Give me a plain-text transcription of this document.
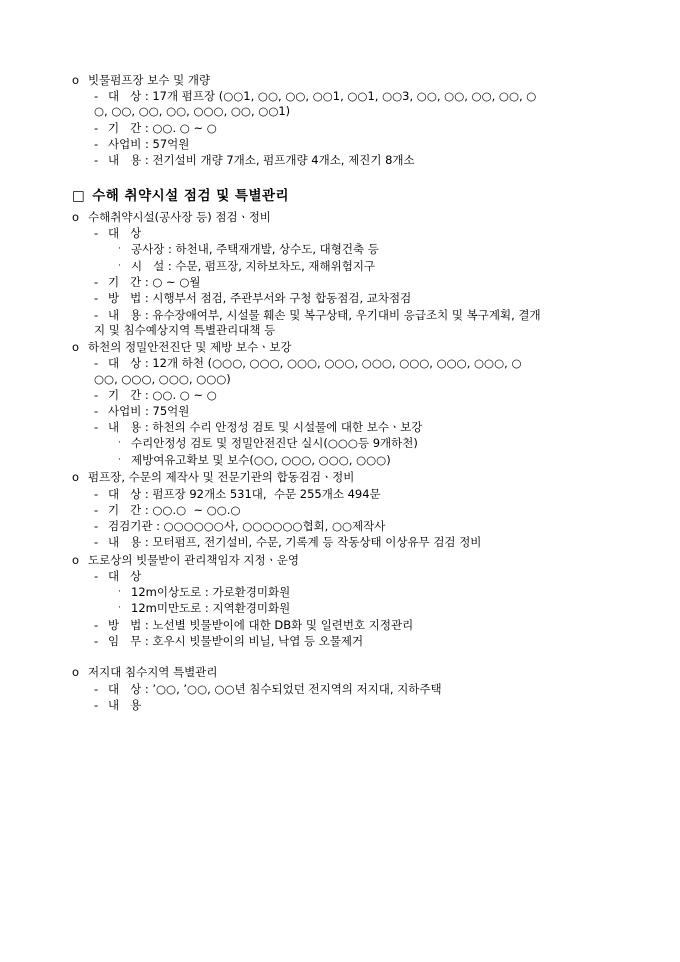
o 빗물펌프장 보수 및 개량
- 대   상 : 17개 펌프장 (○○1, ○○, ○○, ○○1, ○○1, ○○3, ○○, ○○, ○○, ○○, ○
○, ○○, ○○, ○○, ○○○, ○○, ○○1)
- 기   간 : ○○. ○ ~ ○
- 사업비 : 57억원
- 내   용 : 전기설비 개량 7개소, 펌프개량 4개소, 제진기 8개소
□ 수해 취약시설 점검 및 특별관리
o 수해취약시설(공사장 등) 점검ㆍ정비
- 대   상
· 공사장 : 하천내, 주택재개발, 상수도, 대형건축 등
· 시   설 : 수문, 펌프장, 지하보차도, 재해위험지구
- 기   간 : ○ ~ ○월
- 방   법 : 시행부서 점검, 주관부서와 구청 합동점검, 교차점검
- 내   용 : 유수장애여부, 시설물 훼손 및 복구상태, 우기대비 응급조치 및 복구계획, 결개
지 및 침수예상지역 특별관리대책 등
o 하천의 정밀안전진단 및 제방 보수ㆍ보강
- 대   상 : 12개 하천 (○○○, ○○○, ○○○, ○○○, ○○○, ○○○, ○○○, ○○○, ○
○○, ○○○, ○○○, ○○○)
- 기   간 : ○○. ○ ~ ○
- 사업비 : 75억원
- 내   용 : 하천의 수리 안정성 검토 및 시설물에 대한 보수ㆍ보강
· 수리안정성 검토 및 정밀안전진단 실시(○○○등 9개하천)
· 제방여유고확보 및 보수(○○, ○○○, ○○○, ○○○)
o 펌프장, 수문의 제작사 및 전문기관의 합동검검ㆍ정비
- 대   상 : 펌프장 92개소 531대,  수문 255개소 494문
- 기   간 : ○○.○  ~ ○○.○
- 검검기관 : ○○○○○○사, ○○○○○○협회, ○○제작사
- 내   용 : 모터펌프, 전기설비, 수문, 기록계 등 작동상태 이상유무 검검 정비
o 도로상의 빗물받이 관리책임자 지정ㆍ운영
- 대   상
· 12m이상도로 : 가로환경미화원
· 12m미만도로 : 지역환경미화원
- 방   법 : 노선별 빗물받이에 대한 DB화 및 일련번호 지정관리
- 임   무 : 호우시 빗물받이의 비닐, 낙엽 등 오물제거
o 저지대 침수지역 특별관리
- 대   상 : ’○○, ’○○, ○○년 침수되었던 전지역의 저지대, 지하주택
- 내   용
